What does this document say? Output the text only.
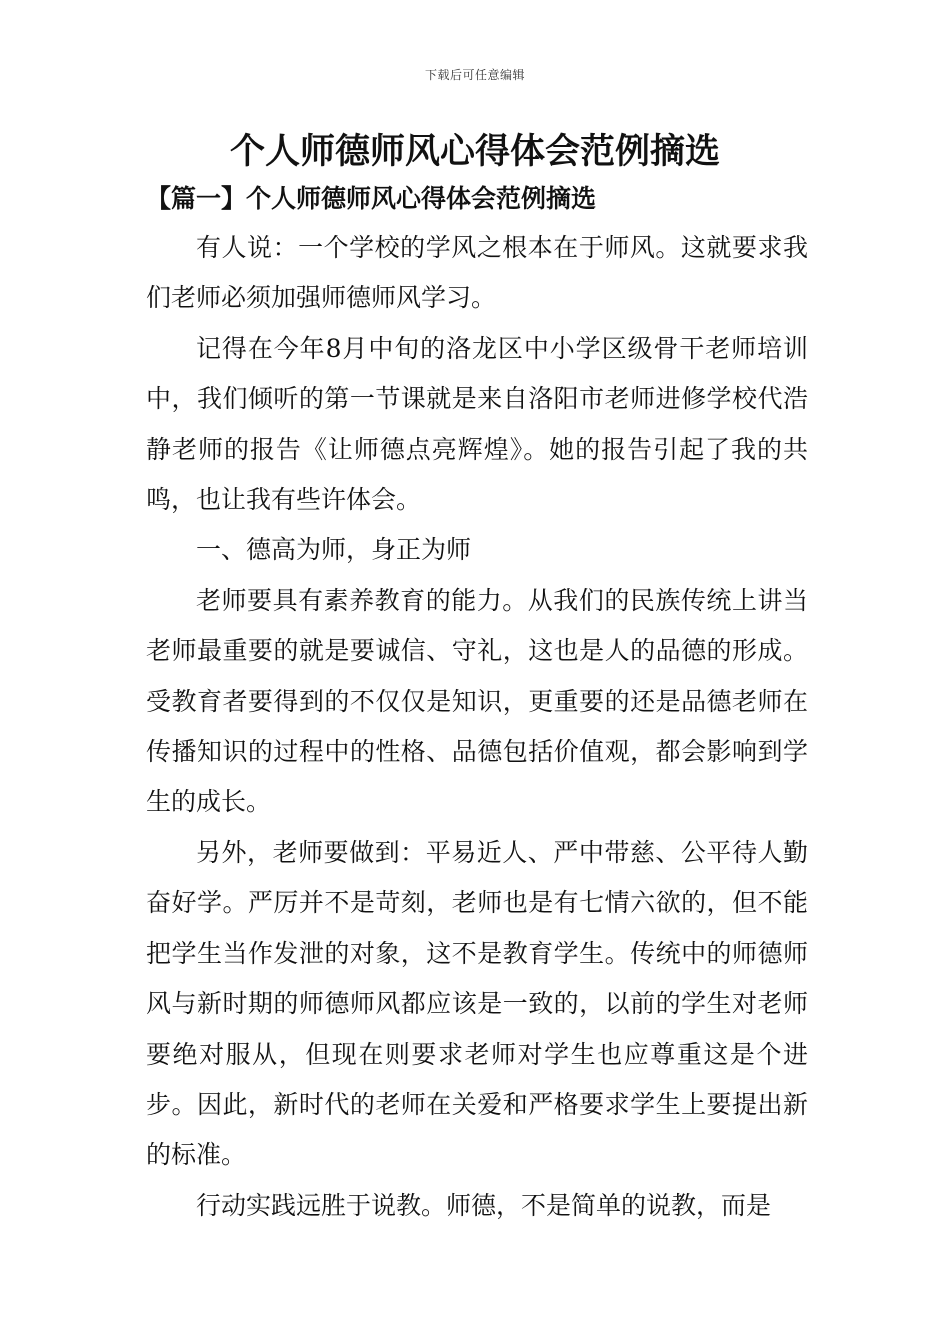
下载后可任意编辑
个人师德师风心得体会范例摘选
【篇一】个人师德师风心得体会范例摘选

有人说：一个学校的学风之根本在于师风。这就要求我们老师必须加强师德师风学习。

记得在今年8月中旬的洛龙区中小学区级骨干老师培训中，我们倾听的第一节课就是来自洛阳市老师进修学校代浩静老师的报告《让师德点亮辉煌》。她的报告引起了我的共鸣，也让我有些许体会。

一、德高为师，身正为师

老师要具有素养教育的能力。从我们的民族传统上讲当老师最重要的就是要诚信、守礼，这也是人的品德的形成。受教育者要得到的不仅仅是知识，更重要的还是品德老师在传播知识的过程中的性格、品德包括价值观，都会影响到学生的成长。

另外，老师要做到：平易近人、严中带慈、公平待人勤奋好学。严厉并不是苛刻，老师也是有七情六欲的，但不能把学生当作发泄的对象，这不是教育学生。传统中的师德师风与新时期的师德师风都应该是一致的，以前的学生对老师要绝对服从，但现在则要求老师对学生也应尊重这是个进步。因此，新时代的老师在关爱和严格要求学生上要提出新的标准。

行动实践远胜于说教。师德，不是简单的说教，而是
